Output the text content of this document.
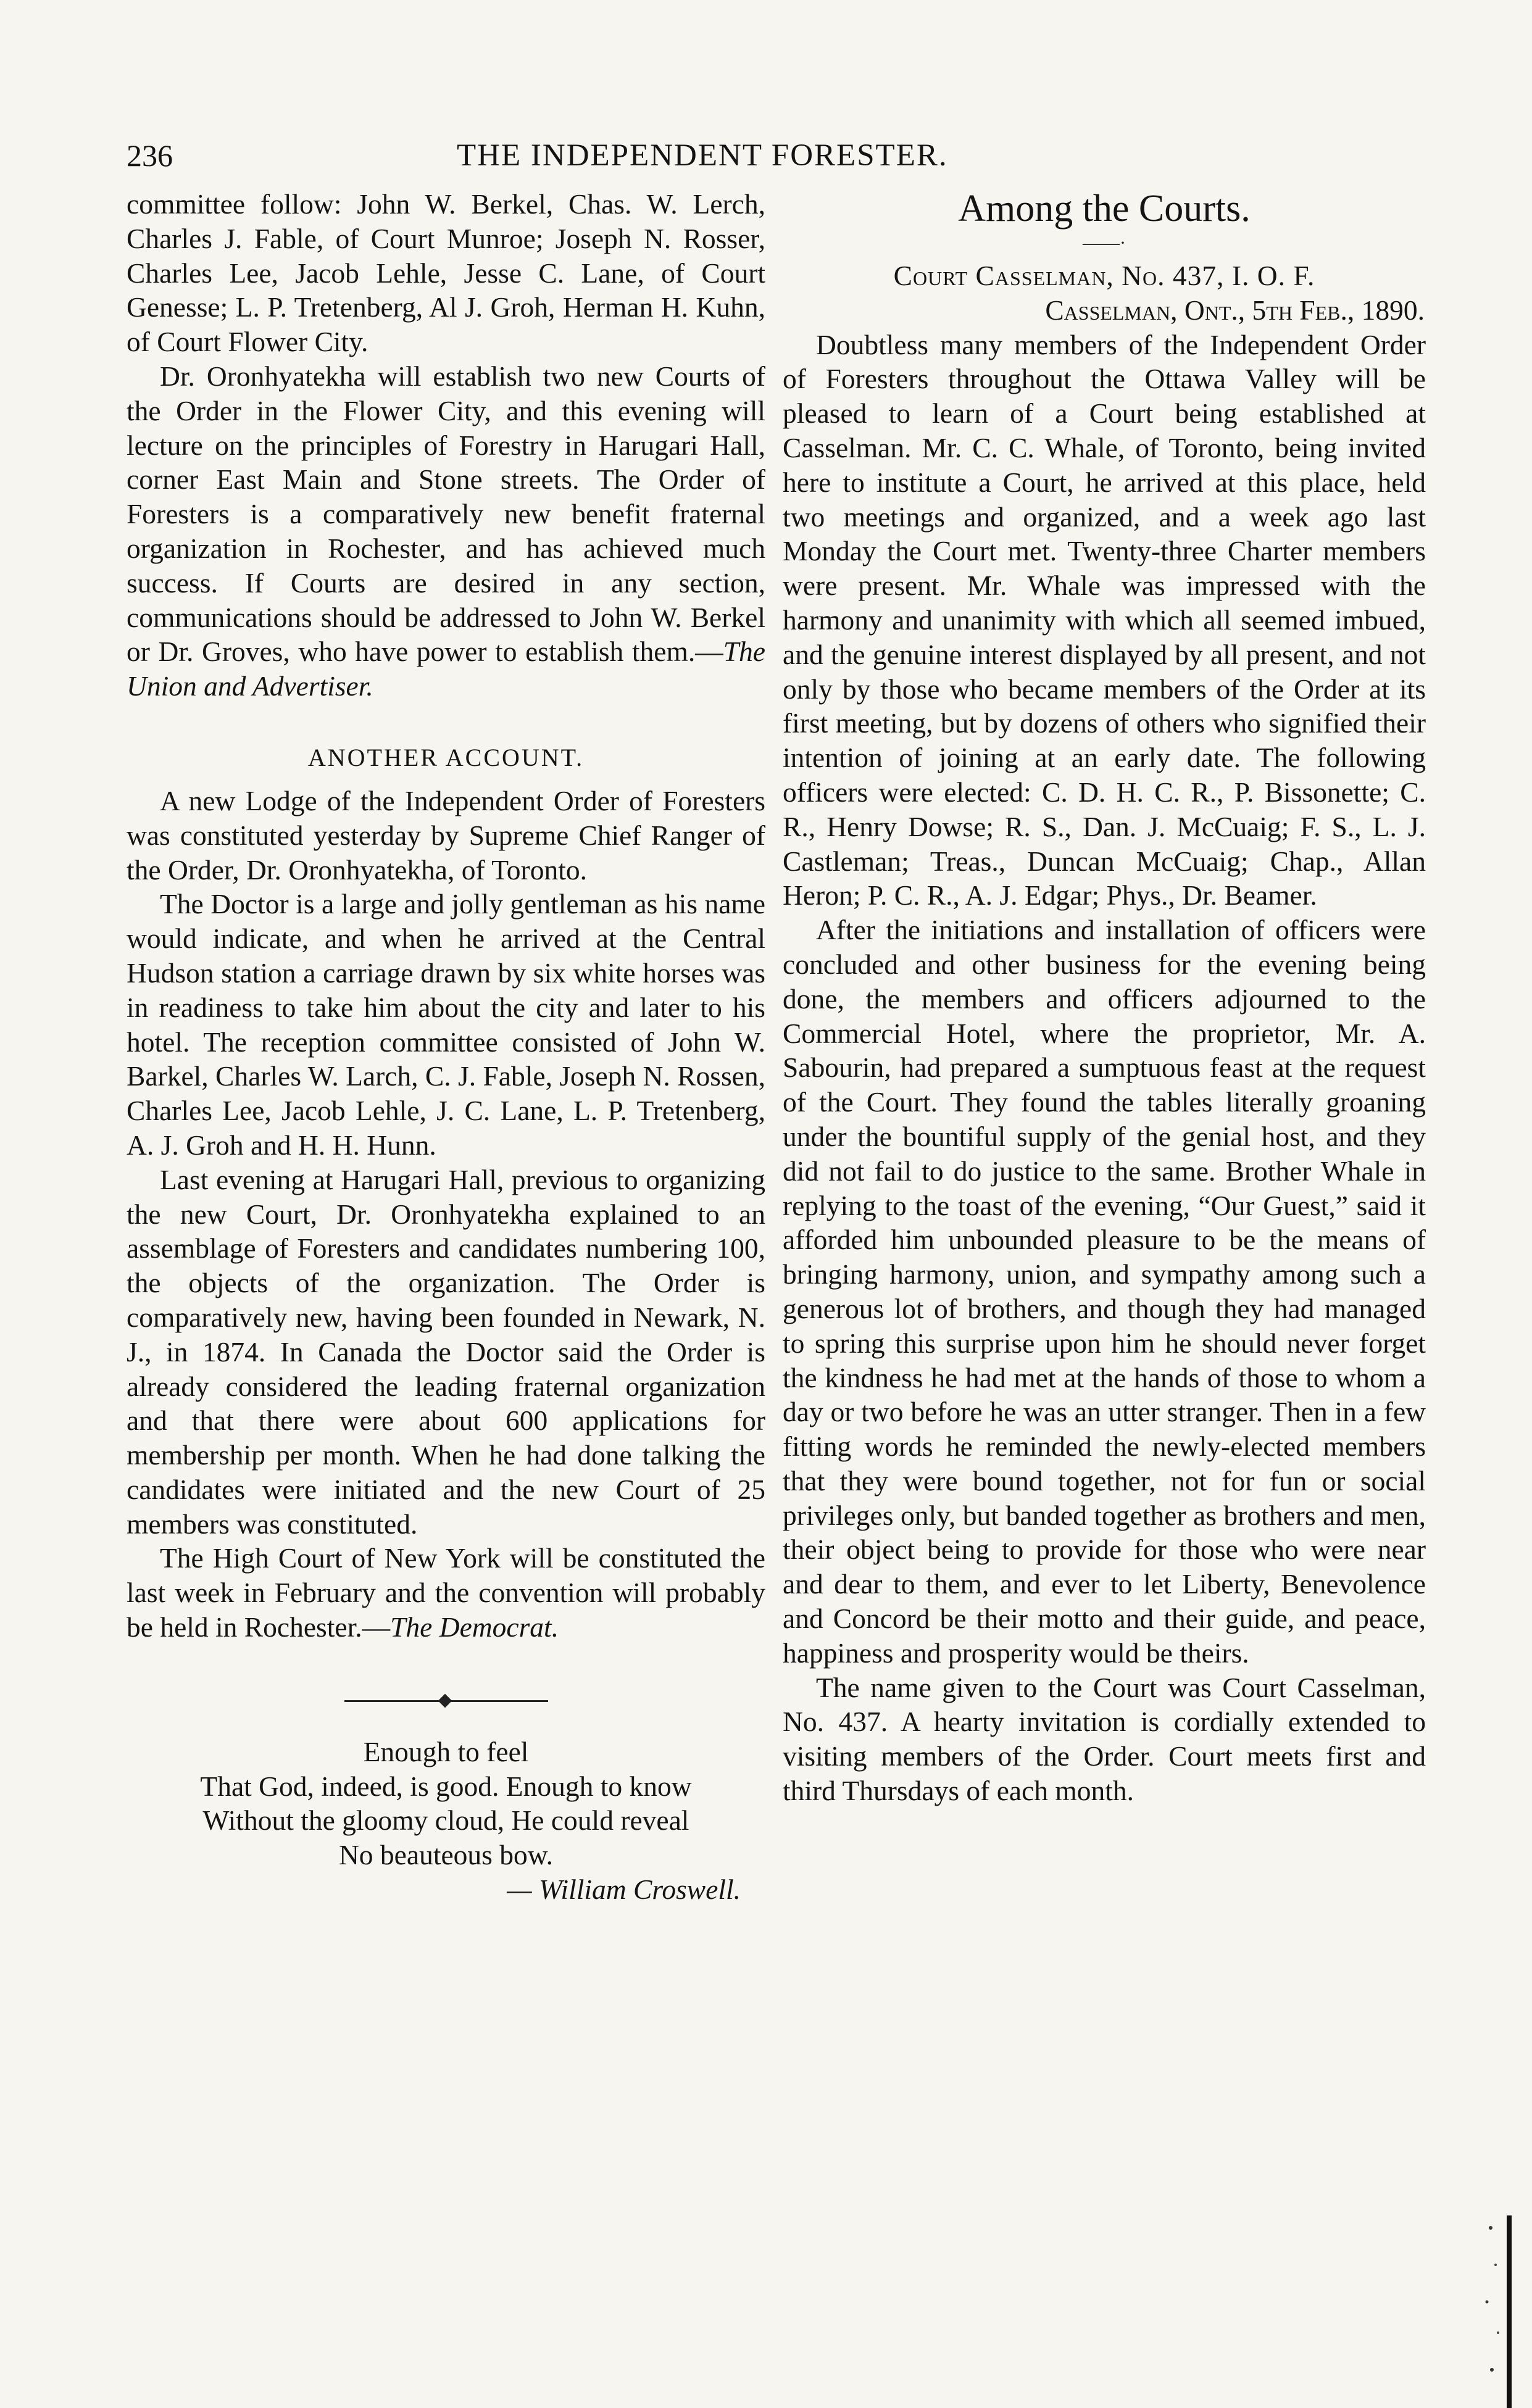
236	THE INDEPENDENT FORESTER.

committee follow: John W. Berkel, Chas. W. Lerch, Charles J. Fable, of Court Munroe; Joseph N. Rosser, Charles Lee, Jacob Lehle, Jesse C. Lane, of Court Genesse; L. P. Tretenberg, Al J. Groh, Herman H. Kuhn, of Court Flower City.

Dr. Oronhyatekha will establish two new Courts of the Order in the Flower City, and this evening will lecture on the principles of Forestry in Harugari Hall, corner East Main and Stone streets. The Order of Foresters is a comparatively new benefit fraternal organization in Rochester, and has achieved much success. If Courts are desired in any section, communications should be addressed to John W. Berkel or Dr. Groves, who have power to establish them.—The Union and Advertiser.

ANOTHER ACCOUNT.

A new Lodge of the Independent Order of Foresters was constituted yesterday by Supreme Chief Ranger of the Order, Dr. Oronhyatekha, of Toronto.

The Doctor is a large and jolly gentleman as his name would indicate, and when he arrived at the Central Hudson station a carriage drawn by six white horses was in readiness to take him about the city and later to his hotel. The reception committee consisted of John W. Barkel, Charles W. Larch, C. J. Fable, Joseph N. Rossen, Charles Lee, Jacob Lehle, J. C. Lane, L. P. Tretenberg, A. J. Groh and H. H. Hunn.

Last evening at Harugari Hall, previous to organizing the new Court, Dr. Oronhyatekha explained to an assemblage of Foresters and candidates numbering 100, the objects of the organization. The Order is comparatively new, having been founded in Newark, N. J., in 1874. In Canada the Doctor said the Order is already considered the leading fraternal organization and that there were about 600 applications for membership per month. When he had done talking the candidates were initiated and the new Court of 25 members was constituted.

The High Court of New York will be constituted the last week in February and the convention will probably be held in Rochester.—The Democrat.

Enough to feel
That God, indeed, is good. Enough to know
Without the gloomy cloud, He could reveal
No beauteous bow.
— William Croswell.
Among the Courts.
——·
Court Casselman, No. 437, I. O. F.
Casselman, Ont., 5th Feb., 1890.

Doubtless many members of the Independent Order of Foresters throughout the Ottawa Valley will be pleased to learn of a Court being established at Casselman. Mr. C. C. Whale, of Toronto, being invited here to institute a Court, he arrived at this place, held two meetings and organized, and a week ago last Monday the Court met. Twenty-three Charter members were present. Mr. Whale was impressed with the harmony and unanimity with which all seemed imbued, and the genuine interest displayed by all present, and not only by those who became members of the Order at its first meeting, but by dozens of others who signified their intention of joining at an early date. The following officers were elected: C. D. H. C. R., P. Bissonette; C. R., Henry Dowse; R. S., Dan. J. McCuaig; F. S., L. J. Castleman; Treas., Duncan McCuaig; Chap., Allan Heron; P. C. R., A. J. Edgar; Phys., Dr. Beamer.

After the initiations and installation of officers were concluded and other business for the evening being done, the members and officers adjourned to the Commercial Hotel, where the proprietor, Mr. A. Sabourin, had prepared a sumptuous feast at the request of the Court. They found the tables literally groaning under the bountiful supply of the genial host, and they did not fail to do justice to the same. Brother Whale in replying to the toast of the evening, “Our Guest,” said it afforded him unbounded pleasure to be the means of bringing harmony, union, and sympathy among such a generous lot of brothers, and though they had managed to spring this surprise upon him he should never forget the kindness he had met at the hands of those to whom a day or two before he was an utter stranger. Then in a few fitting words he reminded the newly-elected members that they were bound together, not for fun or social privileges only, but banded together as brothers and men, their object being to provide for those who were near and dear to them, and ever to let Liberty, Benevolence and Concord be their motto and their guide, and peace, happiness and prosperity would be theirs.

The name given to the Court was Court Casselman, No. 437. A hearty invitation is cordially extended to visiting members of the Order. Court meets first and third Thursdays of each month.
